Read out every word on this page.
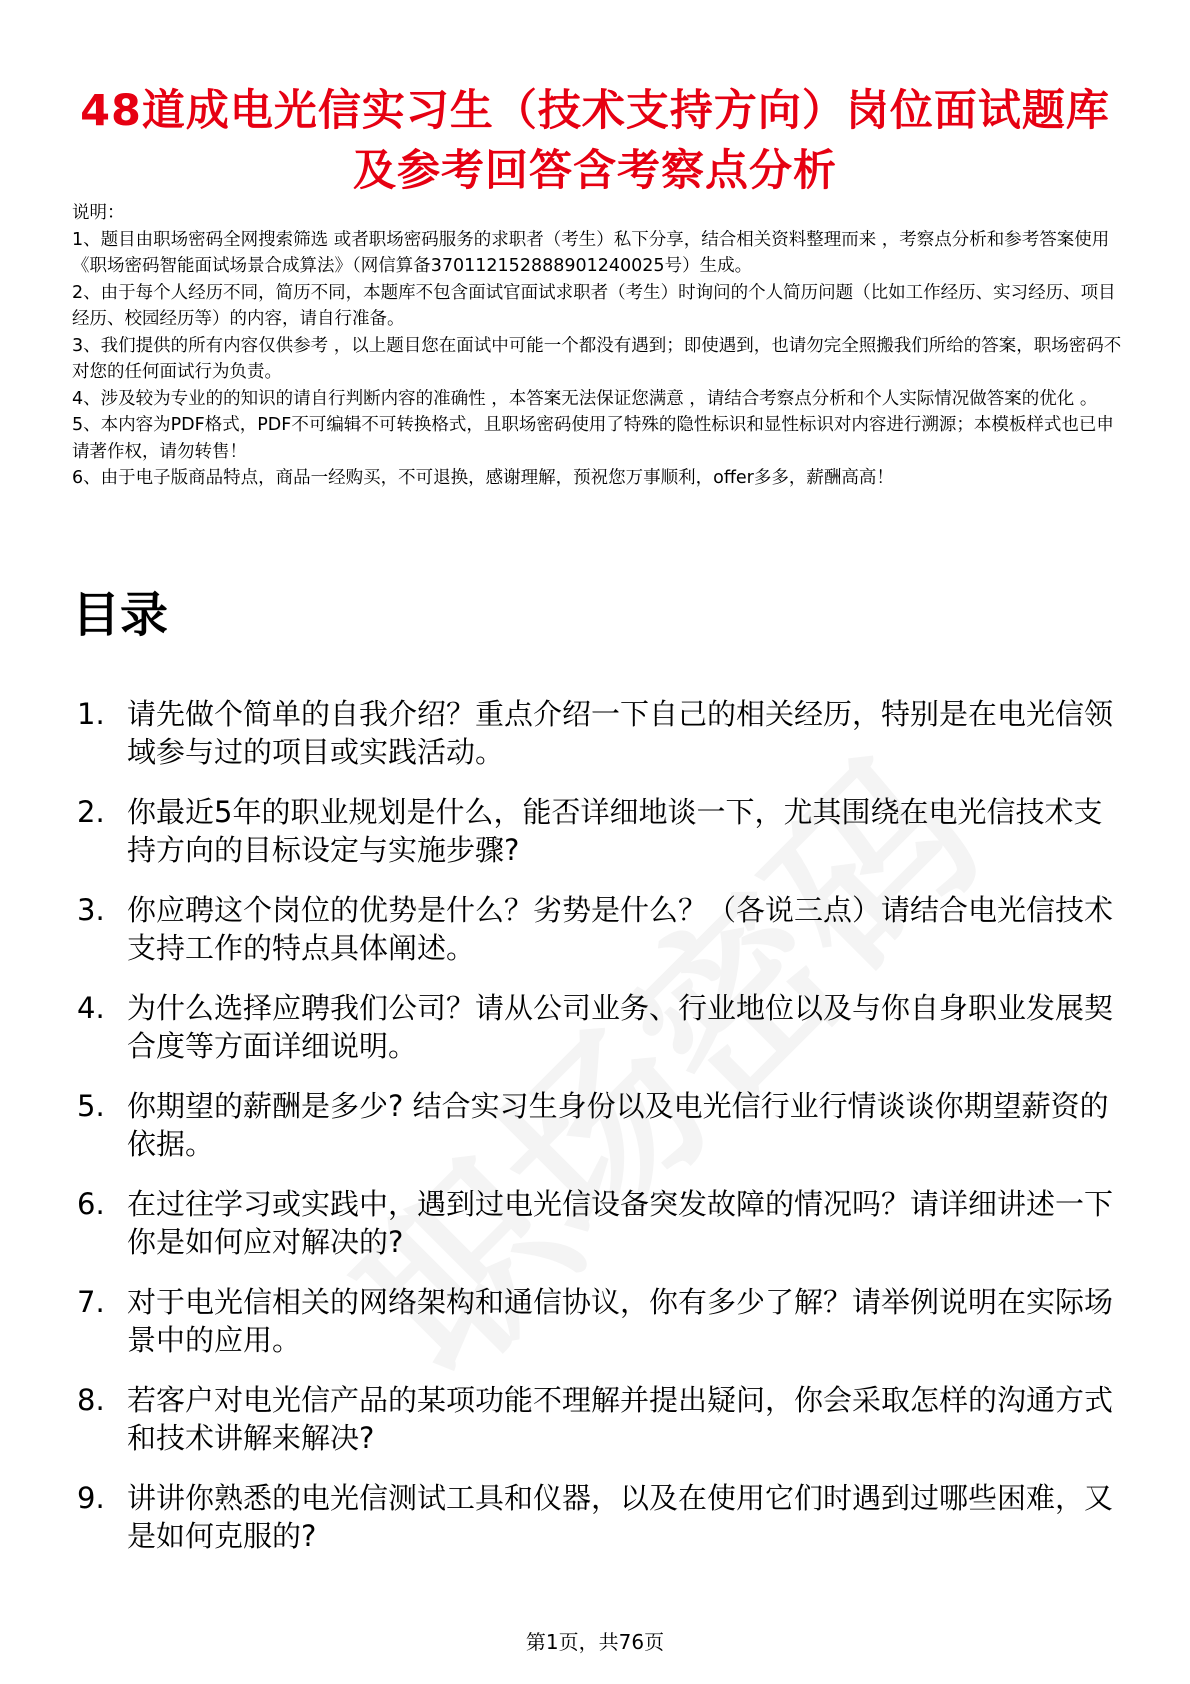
48道成电光信实习生（技术支持方向）岗位面试题库及参考回答含考察点分析

说明：

1、题目由职场密码全网搜索筛选 或者职场密码服务的求职者（考生）私下分享，结合相关资料整理而来 ，考察点分析和参考答案使用《职场密码智能面试场景合成算法》（网信算备370112152888901240025号）生成。

2、由于每个人经历不同，简历不同，本题库不包含面试官面试求职者（考生）时询问的个人简历问题（比如工作经历、实习经历、项目经历、校园经历等）的内容，请自行准备。

3、我们提供的所有内容仅供参考 ，以上题目您在面试中可能一个都没有遇到；即使遇到，也请勿完全照搬我们所给的答案，职场密码不对您的任何面试行为负责。

4、涉及较为专业的的知识的请自行判断内容的准确性 ，本答案无法保证您满意 ，请结合考察点分析和个人实际情况做答案的优化 。

5、本内容为PDF格式，PDF不可编辑不可转换格式，且职场密码使用了特殊的隐性标识和显性标识对内容进行溯源；本模板样式也已申请著作权，请勿转售！

6、由于电子版商品特点，商品一经购买，不可退换，感谢理解，预祝您万事顺利，offer多多，薪酬高高！

目录
1. 请先做个简单的自我介绍？重点介绍一下自己的相关经历，特别是在电光信领域参与过的项目或实践活动。
2. 你最近5年的职业规划是什么，能否详细地谈一下，尤其围绕在电光信技术支持方向的目标设定与实施步骤?
3. 你应聘这个岗位的优势是什么？劣势是什么？（各说三点）请结合电光信技术支持工作的特点具体阐述。
4. 为什么选择应聘我们公司？请从公司业务、行业地位以及与你自身职业发展契合度等方面详细说明。
5. 你期望的薪酬是多少? 结合实习生身份以及电光信行业行情谈谈你期望薪资的依据。
6. 在过往学习或实践中，遇到过电光信设备突发故障的情况吗？请详细讲述一下你是如何应对解决的?
7. 对于电光信相关的网络架构和通信协议，你有多少了解？请举例说明在实际场景中的应用。
8. 若客户对电光信产品的某项功能不理解并提出疑问，你会采取怎样的沟通方式和技术讲解来解决?
9. 讲讲你熟悉的电光信测试工具和仪器，以及在使用它们时遇到过哪些困难，又是如何克服的?
第1页，共76页
